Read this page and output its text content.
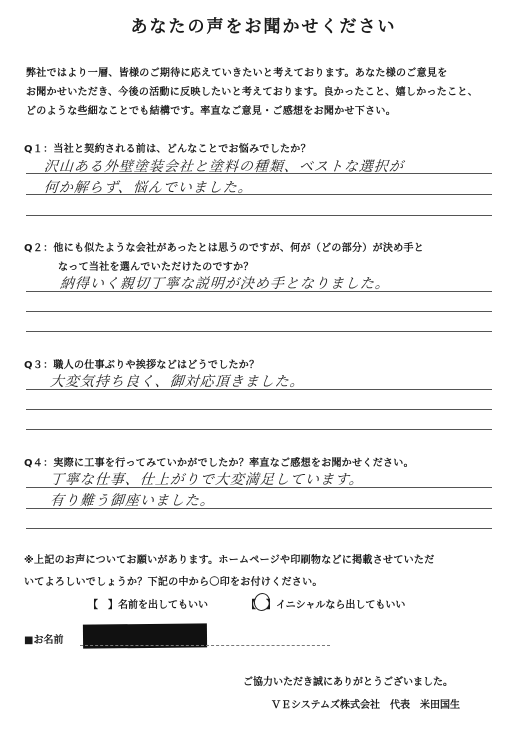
あなたの声をお聞かせください
弊社ではより一層、皆様のご期待に応えていきたいと考えております。あなた様のご意見を
お聞かせいただき、今後の活動に反映したいと考えております。良かったこと、嬉しかったこと、
どのような些細なことでも結構です。率直なご意見・ご感想をお聞かせ下さい。
Q１：当社と契約される前は、どんなことでお悩みでしたか？
沢山ある外壁塗装会社と塗料の種類、ベストな選択が
何か解らず、悩んでいました。
Q２：他にも似たような会社があったとは思うのですが、何が（どの部分）が決め手と
なって当社を選んでいただけたのですか？
納得いく親切丁寧な説明が決め手となりました。
Q３：職人の仕事ぶりや挨拶などはどうでしたか？
大変気持ち良く、御対応頂きました。
Q４：実際に工事を行ってみていかがでしたか？率直なご感想をお聞かせください。
丁寧な仕事、仕上がりで大変満足しています。
有り難う御座いました。
※上記のお声についてお願いがあります。ホームページや印刷物などに掲載させていただ
いてよろしいでしょうか？下記の中から〇印をお付けください。
【　】名前を出してもいい	【　】イニシャルなら出してもいい
■お名前
ご協力いただき誠にありがとうございました。
ＶＥシステムズ株式会社　代表　米田国生
